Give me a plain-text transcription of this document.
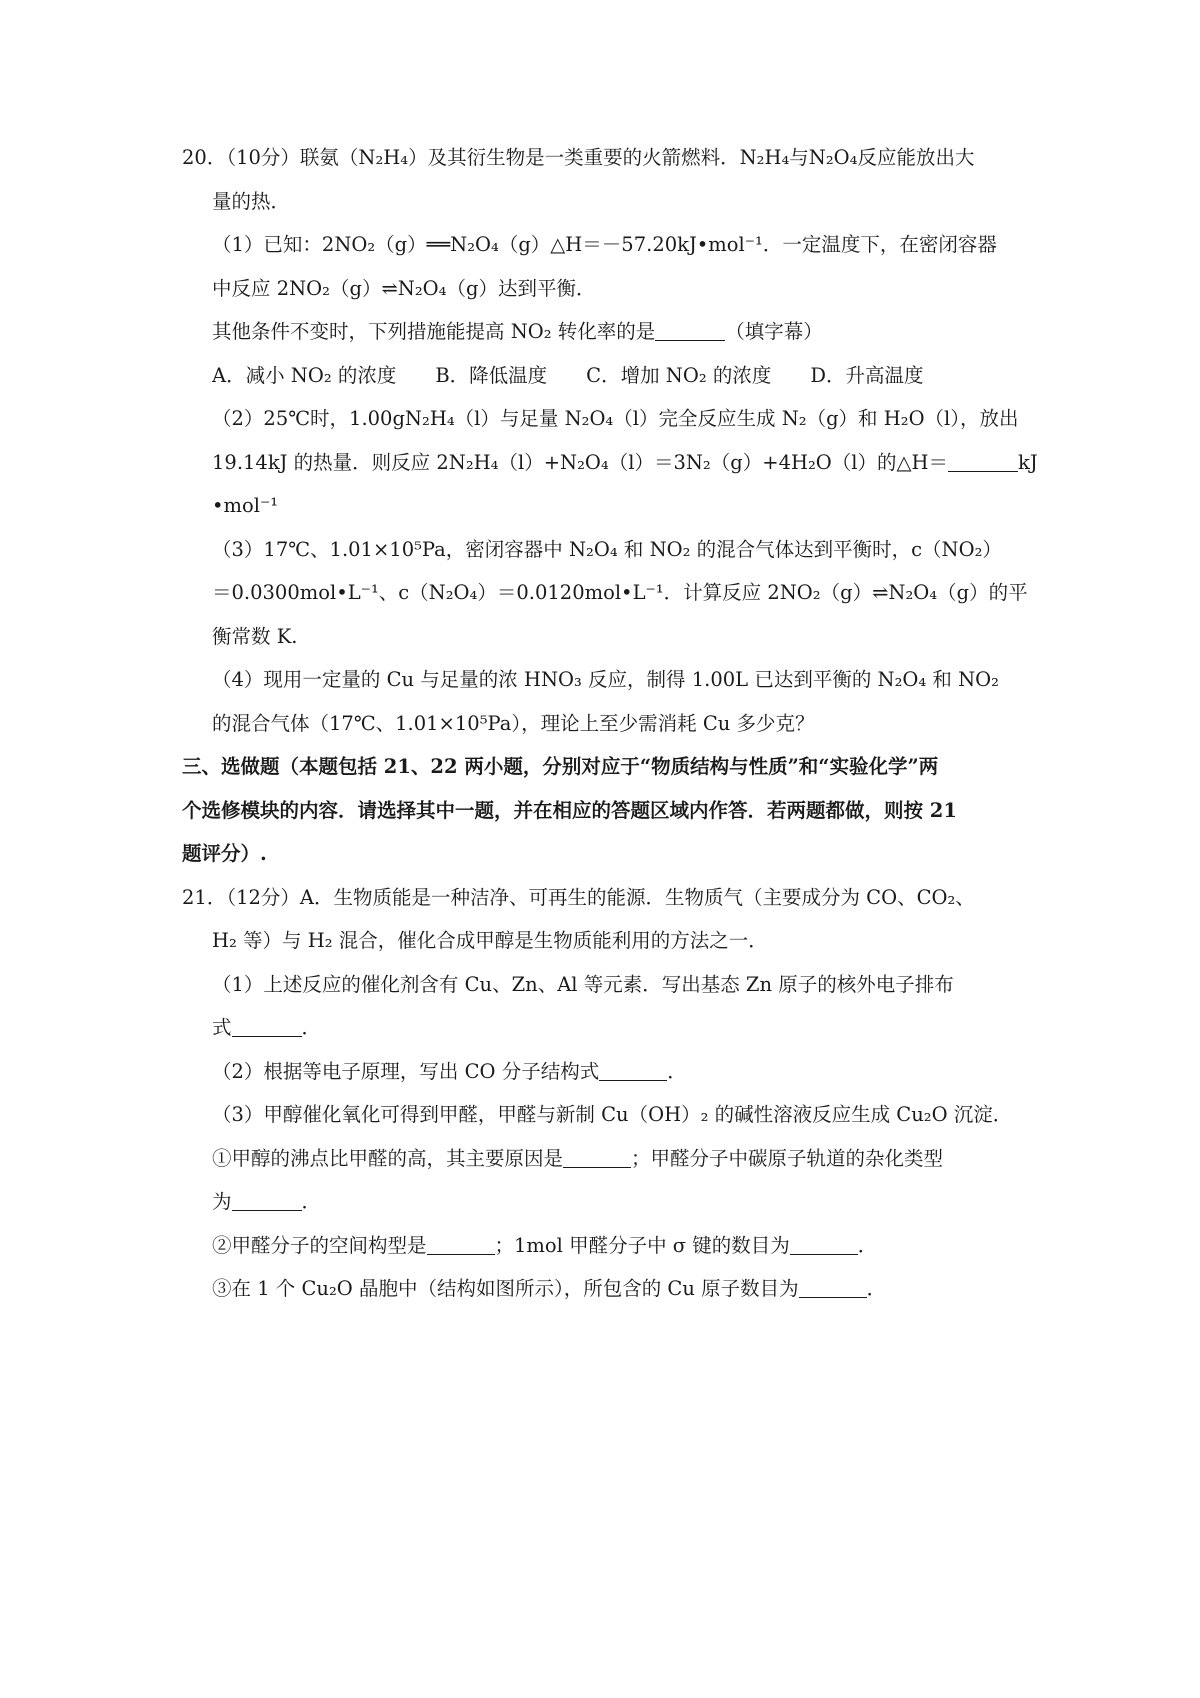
20．（10分）联氨（N₂H₄）及其衍生物是一类重要的火箭燃料．N₂H₄与N₂O₄反应能放出大
量的热．
（1）已知：2NO₂（g）══N₂O₄（g）△H＝－57.20kJ•mol⁻¹．一定温度下，在密闭容器
中反应 2NO₂（g）⇌N₂O₄（g）达到平衡．
其他条件不变时，下列措施能提高 NO₂ 转化率的是	（填字幕）
A．减小 NO₂ 的浓度　　B．降低温度　　C．增加 NO₂ 的浓度　　D．升高温度
（2）25℃时，1.00gN₂H₄（l）与足量 N₂O₄（l）完全反应生成 N₂（g）和 H₂O（l），放出
19.14kJ 的热量．则反应 2N₂H₄（l）+N₂O₄（l）＝3N₂（g）+4H₂O（l）的△H＝	kJ
•mol⁻¹
（3）17℃、1.01×10⁵Pa，密闭容器中 N₂O₄ 和 NO₂ 的混合气体达到平衡时，c（NO₂）
＝0.0300mol•L⁻¹、c（N₂O₄）＝0.0120mol•L⁻¹．计算反应 2NO₂（g）⇌N₂O₄（g）的平
衡常数 K.
（4）现用一定量的 Cu 与足量的浓 HNO₃ 反应，制得 1.00L 已达到平衡的 N₂O₄ 和 NO₂
的混合气体（17℃、1.01×10⁵Pa），理论上至少需消耗 Cu 多少克？
三、选做题（本题包括 21、22 两小题，分别对应于“物质结构与性质”和“实验化学”两
个选修模块的内容．请选择其中一题，并在相应的答题区域内作答．若两题都做，则按 21
题评分）.
21．（12分）A．生物质能是一种洁净、可再生的能源．生物质气（主要成分为 CO、CO₂、
H₂ 等）与 H₂ 混合，催化合成甲醇是生物质能利用的方法之一．
（1）上述反应的催化剂含有 Cu、Zn、Al 等元素．写出基态 Zn 原子的核外电子排布
式	．
（2）根据等电子原理，写出 CO 分子结构式	．
（3）甲醇催化氧化可得到甲醛，甲醛与新制 Cu（OH）₂ 的碱性溶液反应生成 Cu₂O 沉淀．
①甲醇的沸点比甲醛的高，其主要原因是	；甲醛分子中碳原子轨道的杂化类型
为	．
②甲醛分子的空间构型是	；1mol 甲醛分子中 σ 键的数目为	．
③在 1 个 Cu₂O 晶胞中（结构如图所示），所包含的 Cu 原子数目为	．
